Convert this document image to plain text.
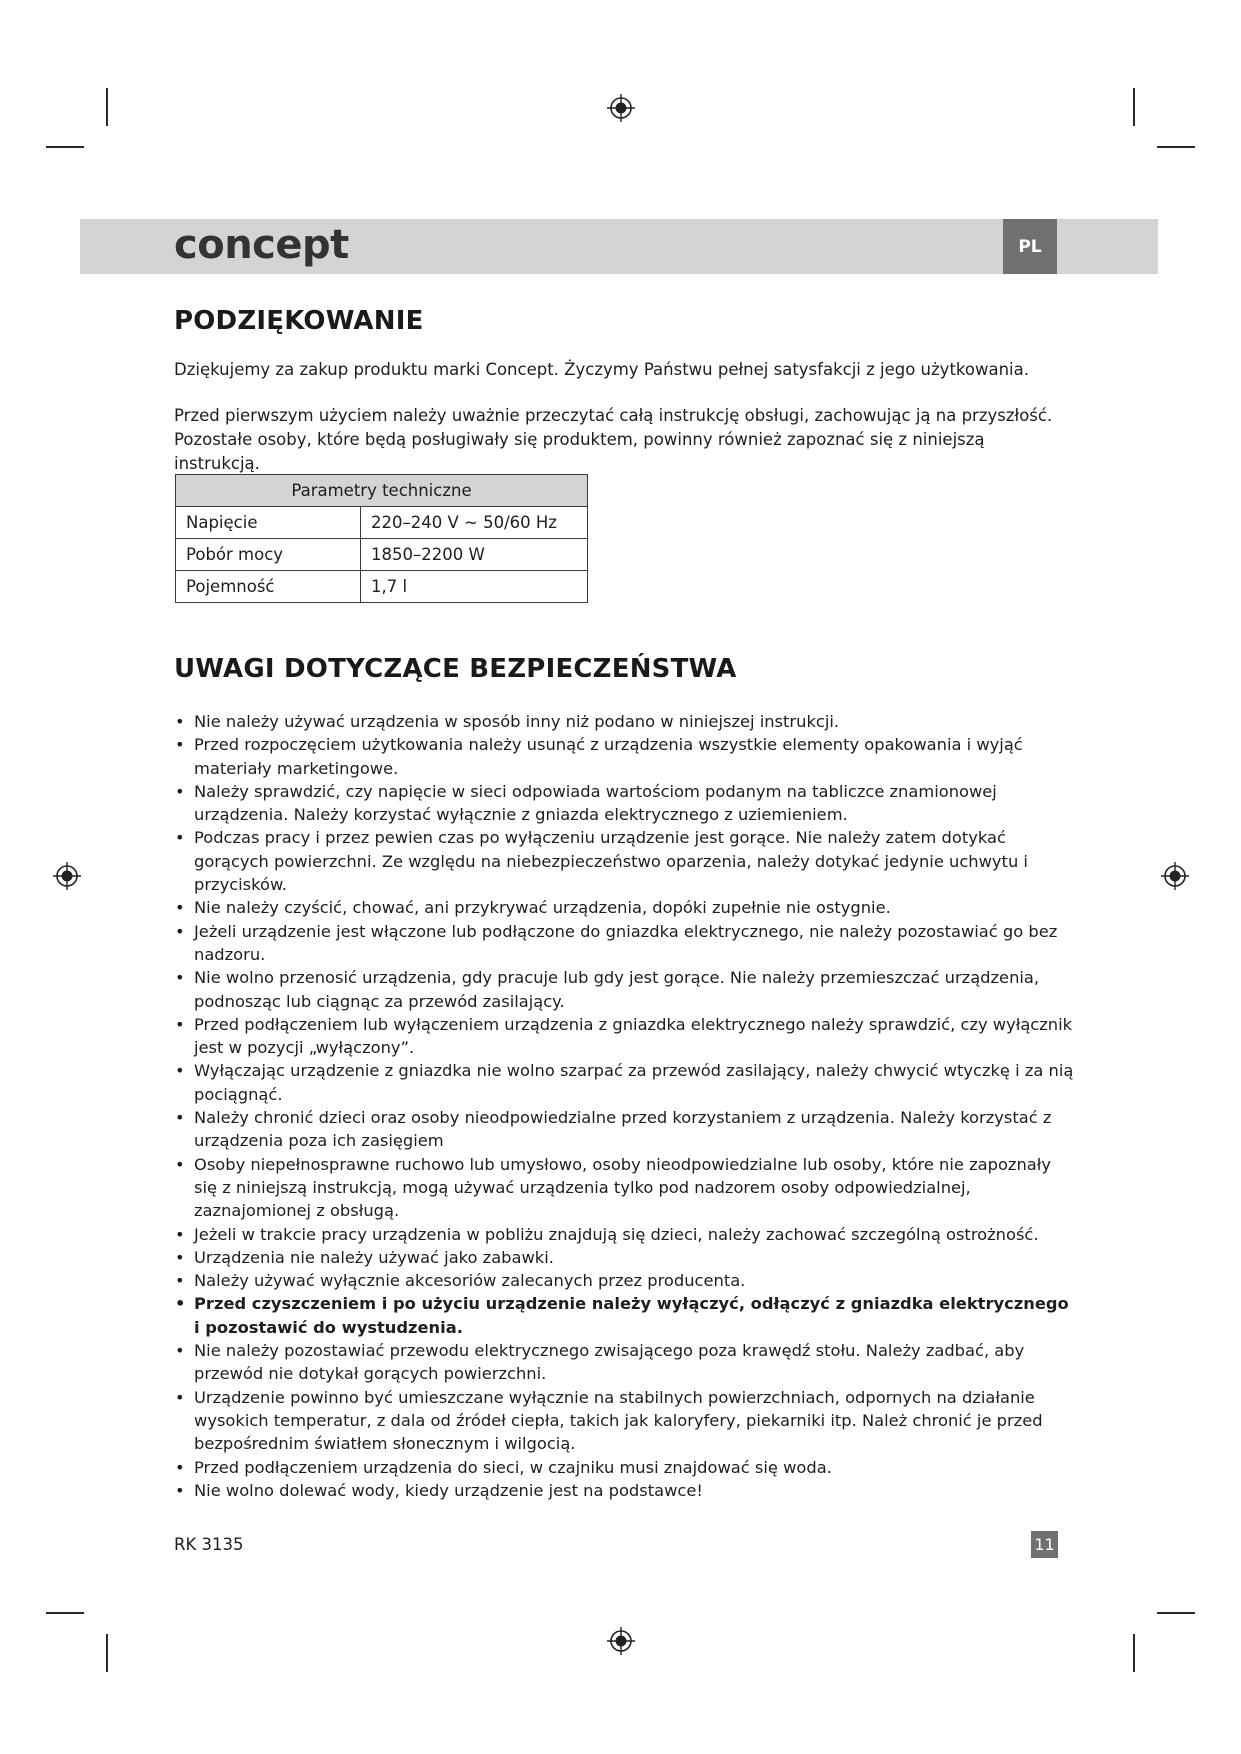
concept	PL
PODZIĘKOWANIE

Dziękujemy za zakup produktu marki Concept. Życzymy Państwu pełnej satysfakcji z jego użytkowania.

Przed pierwszym użyciem należy uważnie przeczytać całą instrukcję obsługi, zachowując ją na przyszłość.

Pozostałe osoby, które będą posługiwały się produktem, powinny również zapoznać się z niniejszą instrukcją.

Parametry techniczne	
Napięcie	220–240 V ~ 50/60 Hz
Pobór mocy	1850–2200 W
Pojemność	1,7 l
UWAGI DOTYCZĄCE BEZPIECZEŃSTWA
• Nie należy używać urządzenia w sposób inny niż podano w niniejszej instrukcji.
• Przed rozpoczęciem użytkowania należy usunąć z urządzenia wszystkie elementy opakowania i wyjąć materiały marketingowe.
• Należy sprawdzić, czy napięcie w sieci odpowiada wartościom podanym na tabliczce znamionowej urządzenia. Należy korzystać wyłącznie z gniazda elektrycznego z uziemieniem.
• Podczas pracy i przez pewien czas po wyłączeniu urządzenie jest gorące. Nie należy zatem dotykać gorących powierzchni. Ze względu na niebezpieczeństwo oparzenia, należy dotykać jedynie uchwytu i przycisków.
• Nie należy czyścić, chować, ani przykrywać urządzenia, dopóki zupełnie nie ostygnie.
• Jeżeli urządzenie jest włączone lub podłączone do gniazdka elektrycznego, nie należy pozostawiać go bez nadzoru.
• Nie wolno przenosić urządzenia, gdy pracuje lub gdy jest gorące. Nie należy przemieszczać urządzenia, podnosząc lub ciągnąc za przewód zasilający.
• Przed podłączeniem lub wyłączeniem urządzenia z gniazdka elektrycznego należy sprawdzić, czy wyłącznik jest w pozycji „wyłączony”.
• Wyłączając urządzenie z gniazdka nie wolno szarpać za przewód zasilający, należy chwycić wtyczkę i za nią pociągnąć.
• Należy chronić dzieci oraz osoby nieodpowiedzialne przed korzystaniem z urządzenia. Należy korzystać z urządzenia poza ich zasięgiem
• Osoby niepełnosprawne ruchowo lub umysłowo, osoby nieodpowiedzialne lub osoby, które nie zapoznały się z niniejszą instrukcją, mogą używać urządzenia tylko pod nadzorem osoby odpowiedzialnej, zaznajomionej z obsługą.
• Jeżeli w trakcie pracy urządzenia w pobliżu znajdują się dzieci, należy zachować szczególną ostrożność.
• Urządzenia nie należy używać jako zabawki.
• Należy używać wyłącznie akcesoriów zalecanych przez producenta.
• Przed czyszczeniem i po użyciu urządzenie należy wyłączyć, odłączyć z gniazdka elektrycznego i pozostawić do wystudzenia.
• Nie należy pozostawiać przewodu elektrycznego zwisającego poza krawędź stołu. Należy zadbać, aby przewód nie dotykał gorących powierzchni.
• Urządzenie powinno być umieszczane wyłącznie na stabilnych powierzchniach, odpornych na działanie wysokich temperatur, z dala od źródeł ciepła, takich jak kaloryfery, piekarniki itp. Należ chronić je przed bezpośrednim światłem słonecznym i wilgocią.
• Przed podłączeniem urządzenia do sieci, w czajniku musi znajdować się woda.
• Nie wolno dolewać wody, kiedy urządzenie jest na podstawce!
RK 3135	11
